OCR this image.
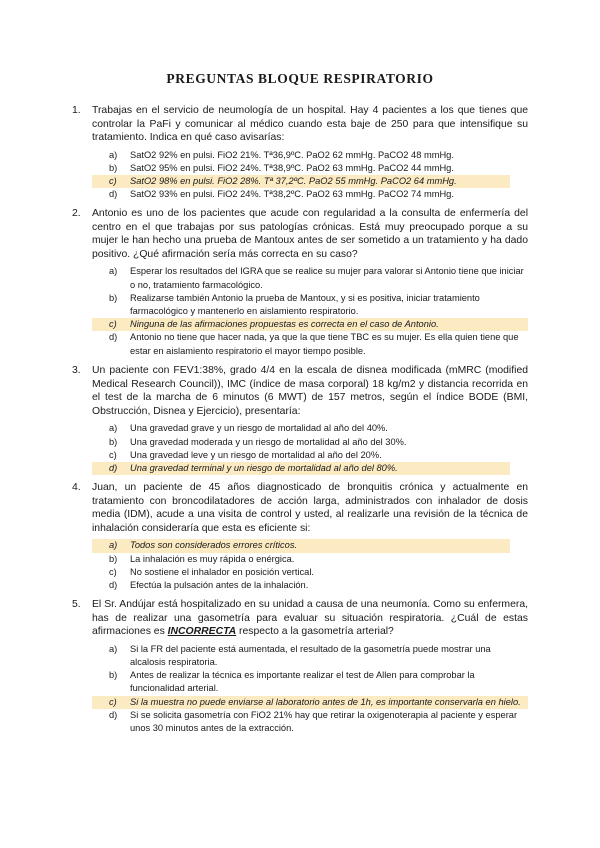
PREGUNTAS BLOQUE RESPIRATORIO
1. Trabajas en el servicio de neumología de un hospital. Hay 4 pacientes a los que tienes que controlar la PaFi y comunicar al médico cuando esta baje de 250 para que intensifique su tratamiento. Indica en qué caso avisarías:

a) SatO2 92% en pulsi. FiO2 21%. Tª36,9ºC. PaO2 62 mmHg. PaCO2 48 mmHg.
b) SatO2 95% en pulsi. FiO2 24%. Tª38,9ºC. PaO2 63 mmHg. PaCO2 44 mmHg.
c) SatO2 98% en pulsi. FiO2 28%. Tª 37,2ºC. PaO2 55 mmHg. PaCO2 64 mmHg.
d) SatO2 93% en pulsi. FiO2 24%. Tª38,2ºC. PaO2 63 mmHg. PaCO2 74 mmHg.
2. Antonio es uno de los pacientes que acude con regularidad a la consulta de enfermería del centro en el que trabajas por sus patologías crónicas. Está muy preocupado porque a su mujer le han hecho una prueba de Mantoux antes de ser sometido a un tratamiento y ha dado positivo. ¿Qué afirmación sería más correcta en su caso?

a) Esperar los resultados del IGRA que se realice su mujer para valorar si Antonio tiene que iniciar o no, tratamiento farmacológico.
b) Realizarse también Antonio la prueba de Mantoux, y si es positiva, iniciar tratamiento farmacológico y mantenerlo en aislamiento respiratorio.
c) Ninguna de las afirmaciones propuestas es correcta en el caso de Antonio.
d) Antonio no tiene que hacer nada, ya que la que tiene TBC es su mujer. Es ella quien tiene que estar en aislamiento respiratorio el mayor tiempo posible.
3. Un paciente con FEV1:38%, grado 4/4 en la escala de disnea modificada (mMRC (modified Medical Research Council)), IMC (índice de masa corporal) 18 kg/m2 y distancia recorrida en el test de la marcha de 6 minutos (6 MWT) de 157 metros, según el índice BODE (BMI, Obstrucción, Disnea y Ejercicio), presentaría:

a) Una gravedad grave y un riesgo de mortalidad al año del 40%.
b) Una gravedad moderada y un riesgo de mortalidad al año del 30%.
c) Una gravedad leve y un riesgo de mortalidad al año del 20%.
d) Una gravedad terminal y un riesgo de mortalidad al año del 80%.
4. Juan, un paciente de 45 años diagnosticado de bronquitis crónica y actualmente en tratamiento con broncodilatadores de acción larga, administrados con inhalador de dosis media (IDM), acude a una visita de control y usted, al realizarle una revisión de la técnica de inhalación consideraría que esta es eficiente si:

a) Todos son considerados errores críticos.
b) La inhalación es muy rápida o enérgica.
c) No sostiene el inhalador en posición vertical.
d) Efectúa la pulsación antes de la inhalación.
5. El Sr. Andújar está hospitalizado en su unidad a causa de una neumonía. Como su enfermera, has de realizar una gasometría para evaluar su situación respiratoria. ¿Cuál de estas afirmaciones es INCORRECTA respecto a la gasometría arterial?

a) Si la FR del paciente está aumentada, el resultado de la gasometría puede mostrar una alcalosis respiratoria.
b) Antes de realizar la técnica es importante realizar el test de Allen para comprobar la funcionalidad arterial.
c) Si la muestra no puede enviarse al laboratorio antes de 1h, es importante conservarla en hielo.
d) Si se solicita gasometría con FiO2 21% hay que retirar la oxigenoterapia al paciente y esperar unos 30 minutos antes de la extracción.
